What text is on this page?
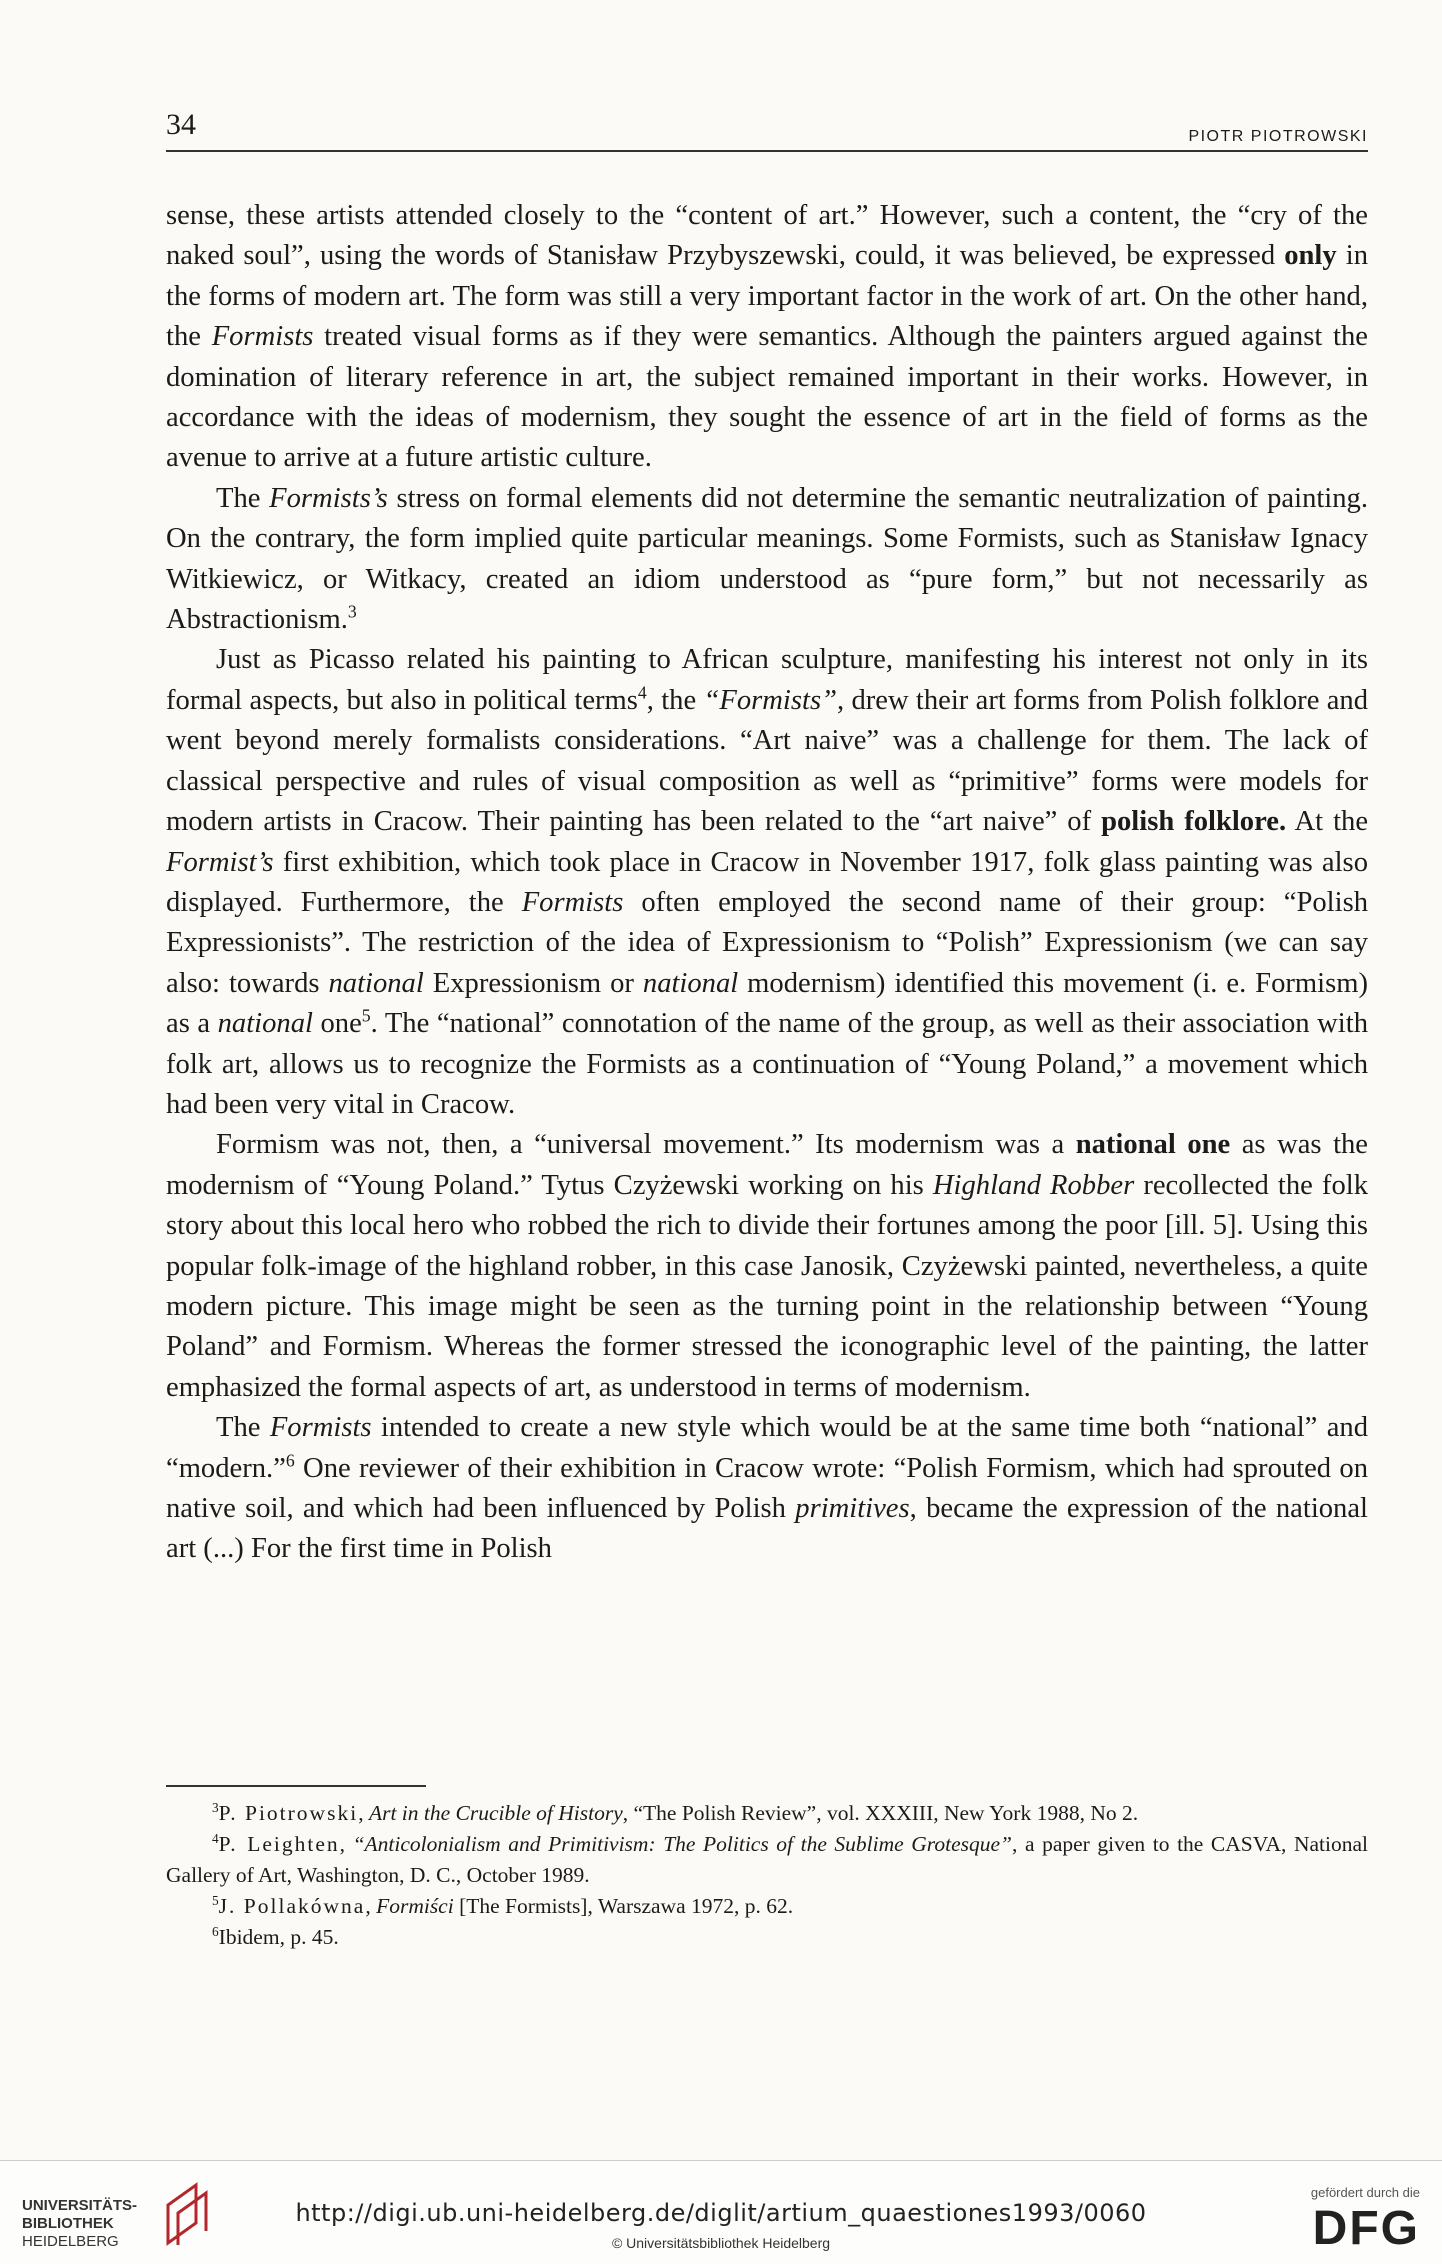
34	PIOTR PIOTROWSKI

sense, these artists attended closely to the “content of art.” However, such a content, the “cry of the naked soul”, using the words of Stanisław Przybyszewski, could, it was believed, be expressed only in the forms of modern art. The form was still a very important factor in the work of art. On the other hand, the Formists treated visual forms as if they were semantics. Although the painters argued against the domination of literary reference in art, the subject remained important in their works. However, in accordance with the ideas of modernism, they sought the essence of art in the field of forms as the avenue to arrive at a future artistic culture.

The Formists’s stress on formal elements did not determine the semantic neutralization of painting. On the contrary, the form implied quite particular meanings. Some Formists, such as Stanisław Ignacy Witkiewicz, or Witkacy, created an idiom understood as “pure form,” but not necessarily as Abstractionism.$^3$

Just as Picasso related his painting to African sculpture, manifesting his interest not only in its formal aspects, but also in political terms$^4$, the “Formists”, drew their art forms from Polish folklore and went beyond merely formalists considerations. “Art naive” was a challenge for them. The lack of classical perspective and rules of visual composition as well as “primitive” forms were models for modern artists in Cracow. Their painting has been related to the “art naive” of polish folklore. At the Formist’s first exhibition, which took place in Cracow in November 1917, folk glass painting was also displayed. Furthermore, the Formists often employed the second name of their group: “Polish Expressionists”. The restriction of the idea of Expressionism to “Polish” Expressionism (we can say also: towards national Expressionism or national modernism) identified this movement (i. e. Formism) as a national one$^5$. The “national” connotation of the name of the group, as well as their association with folk art, allows us to recognize the Formists as a continuation of “Young Poland,” a movement which had been very vital in Cracow.

Formism was not, then, a “universal movement.” Its modernism was a national one as was the modernism of “Young Poland.” Tytus Czyżewski working on his Highland Robber recollected the folk story about this local hero who robbed the rich to divide their fortunes among the poor [ill. 5]. Using this popular folk-image of the highland robber, in this case Janosik, Czyżewski painted, nevertheless, a quite modern picture. This image might be seen as the turning point in the relationship between “Young Poland” and Formism. Whereas the former stressed the iconographic level of the painting, the latter emphasized the formal aspects of art, as understood in terms of modernism.

The Formists intended to create a new style which would be at the same time both “national” and “modern.”$^6$ One reviewer of their exhibition in Cracow wrote: “Polish Formism, which had sprouted on native soil, and which had been influenced by Polish primitives, became the expression of the national art (...) For the first time in Polish

$^3$P. Piotrowski, Art in the Crucible of History, “The Polish Review”, vol. XXXIII, New York 1988, No 2.

$^4$P. Leighten, “Anticolonialism and Primitivism: The Politics of the Sublime Grotesque”, a paper given to the CASVA, National Gallery of Art, Washington, D. C., October 1989.

$^5$J. Pollakówna, Formiści [The Formists], Warszawa 1972, p. 62.

$^6$Ibidem, p. 45.

UNIVERSITÄTS-
BIBLIOTHEK
HEIDELBERG
http://digi.ub.uni-heidelberg.de/diglit/artium_quaestiones1993/0060
© Universitätsbibliothek Heidelberg
gefördert durch die
DFG
